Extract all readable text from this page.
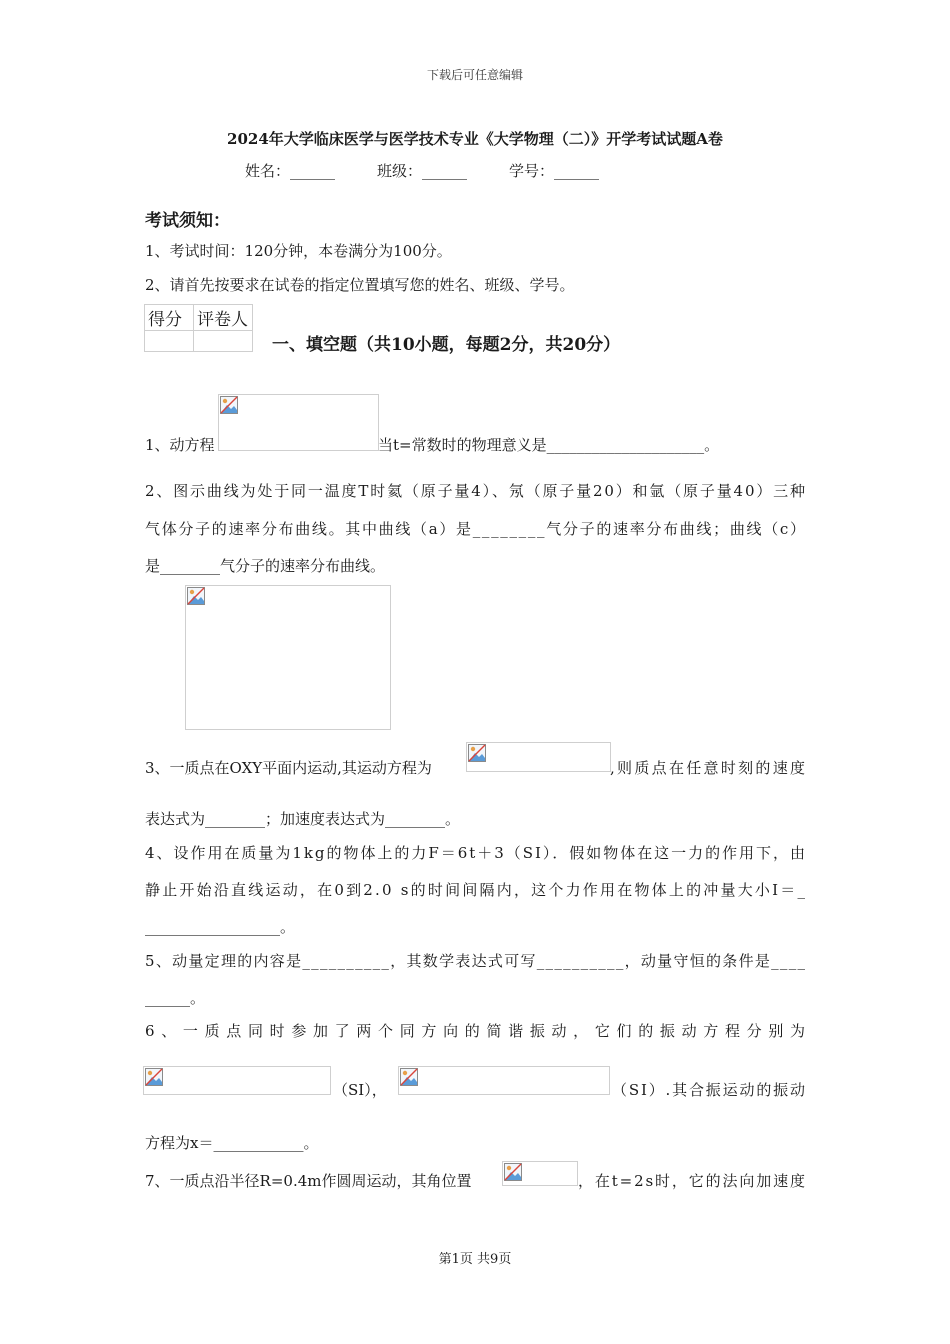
下载后可任意编辑
2024年大学临床医学与医学技术专业《大学物理（二）》开学考试试题A卷
姓名：______	班级：______	学号：______
考试须知：
1、考试时间：120分钟，本卷满分为100分。
2、请首先按要求在试卷的指定位置填写您的姓名、班级、学号。
得分	评卷人

一、填空题（共10小题，每题2分，共20分）
1、动方程	当t=常数时的物理意义是_____________________。
2、图示曲线为处于同一温度T时氦（原子量4）、氖（原子量20）和氩（原子量40）三种
气体分子的速率分布曲线。其中曲线（a）是________气分子的速率分布曲线；曲线（c）
是________气分子的速率分布曲线。
3、一质点在OXY平面内运动,其运动方程为	,则质点在任意时刻的速度
表达式为________；加速度表达式为________。
4、设作用在质量为1kg的物体上的力F＝6t＋3（SI）．假如物体在这一力的作用下，由
静止开始沿直线运动，在0到2.0 s的时间间隔内，这个力作用在物体上的冲量大小I＝_
__________________。
5、动量定理的内容是__________，其数学表达式可写__________，动量守恒的条件是____
______。
6、一质点同时参加了两个同方向的简谐振动，它们的振动方程分别为
（SI），	（SI）.其合振运动的振动
方程为x＝____________。
7、一质点沿半径R=0.4m作圆周运动，其角位置	，在t=2s时，它的法向加速度
第1页 共9页
